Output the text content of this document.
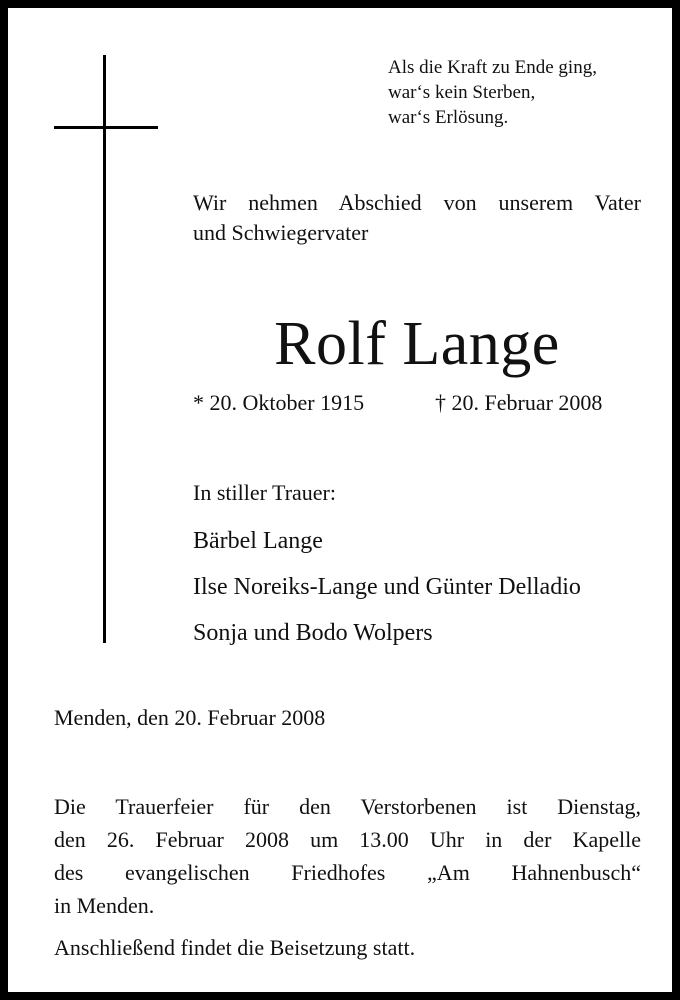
Als die Kraft zu Ende ging,
war‘s kein Sterben,
war‘s Erlösung.
Wir nehmen Abschied von unserem Vater
und Schwiegervater
Rolf Lange
* 20. Oktober 1915	† 20. Februar 2008
In stiller Trauer:
Bärbel Lange
Ilse Noreiks-Lange und Günter Delladio
Sonja und Bodo Wolpers
Menden, den 20. Februar 2008
Die Trauerfeier für den Verstorbenen ist Dienstag,
den 26. Februar 2008 um 13.00 Uhr in der Kapelle
des evangelischen Friedhofes „Am Hahnenbusch“
in Menden.
Anschließend findet die Beisetzung statt.
